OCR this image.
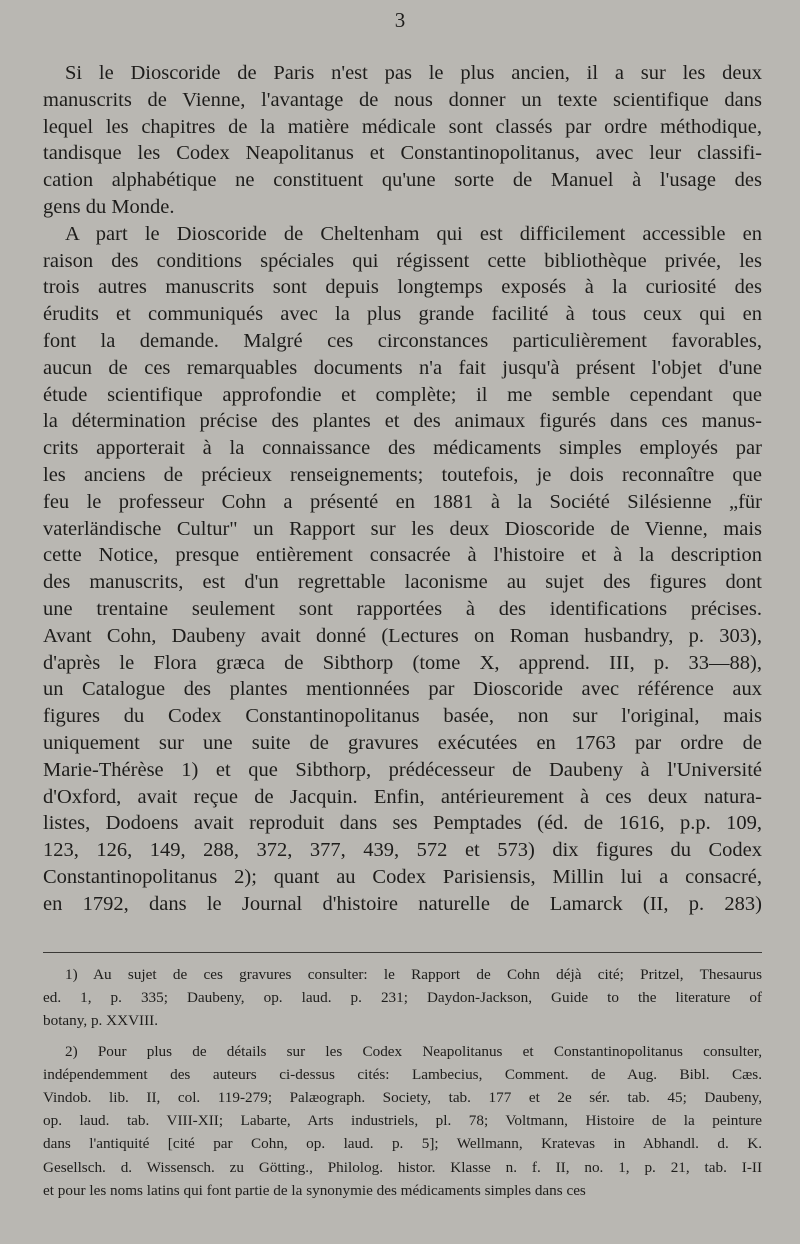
3
Si le Dioscoride de Paris n'est pas le plus ancien, il a sur les deux
manuscrits de Vienne, l'avantage de nous donner un texte scientifique dans
lequel les chapitres de la matière médicale sont classés par ordre méthodique,
tandisque les Codex Neapolitanus et Constantinopolitanus, avec leur classifi-
cation alphabétique ne constituent qu'une sorte de Manuel à l'usage des
gens du Monde.
A part le Dioscoride de Cheltenham qui est difficilement accessible en
raison des conditions spéciales qui régissent cette bibliothèque privée, les
trois autres manuscrits sont depuis longtemps exposés à la curiosité des
érudits et communiqués avec la plus grande facilité à tous ceux qui en
font la demande. Malgré ces circonstances particulièrement favorables,
aucun de ces remarquables documents n'a fait jusqu'à présent l'objet d'une
étude scientifique approfondie et complète; il me semble cependant que
la détermination précise des plantes et des animaux figurés dans ces manus-
crits apporterait à la connaissance des médicaments simples employés par
les anciens de précieux renseignements; toutefois, je dois reconnaître que
feu le professeur Cohn a présenté en 1881 à la Société Silésienne „für
vaterländische Cultur" un Rapport sur les deux Dioscoride de Vienne, mais
cette Notice, presque entièrement consacrée à l'histoire et à la description
des manuscrits, est d'un regrettable laconisme au sujet des figures dont
une trentaine seulement sont rapportées à des identifications précises.
Avant Cohn, Daubeny avait donné (Lectures on Roman husbandry, p. 303),
d'après le Flora græca de Sibthorp (tome X, apprend. III, p. 33—88),
un Catalogue des plantes mentionnées par Dioscoride avec référence aux
figures du Codex Constantinopolitanus basée, non sur l'original, mais
uniquement sur une suite de gravures exécutées en 1763 par ordre de
Marie-Thérèse 1) et que Sibthorp, prédécesseur de Daubeny à l'Université
d'Oxford, avait reçue de Jacquin. Enfin, antérieurement à ces deux natura-
listes, Dodoens avait reproduit dans ses Pemptades (éd. de 1616, p.p. 109,
123, 126, 149, 288, 372, 377, 439, 572 et 573) dix figures du Codex
Constantinopolitanus 2); quant au Codex Parisiensis, Millin lui a consacré,
en 1792, dans le Journal d'histoire naturelle de Lamarck (II, p. 283)
1) Au sujet de ces gravures consulter: le Rapport de Cohn déjà cité; Pritzel, Thesaurus
ed. 1, p. 335; Daubeny, op. laud. p. 231; Daydon-Jackson, Guide to the literature of
botany, p. XXVIII.
2) Pour plus de détails sur les Codex Neapolitanus et Constantinopolitanus consulter,
indépendemment des auteurs ci-dessus cités: Lambecius, Comment. de Aug. Bibl. Cæs.
Vindob. lib. II, col. 119-279; Palæograph. Society, tab. 177 et 2e sér. tab. 45; Daubeny,
op. laud. tab. VIII-XII; Labarte, Arts industriels, pl. 78; Voltmann, Histoire de la peinture
dans l'antiquité [cité par Cohn, op. laud. p. 5]; Wellmann, Kratevas in Abhandl. d. K.
Gesellsch. d. Wissensch. zu Götting., Philolog. histor. Klasse n. f. II, no. 1, p. 21, tab. I-II
et pour les noms latins qui font partie de la synonymie des médicaments simples dans ces
